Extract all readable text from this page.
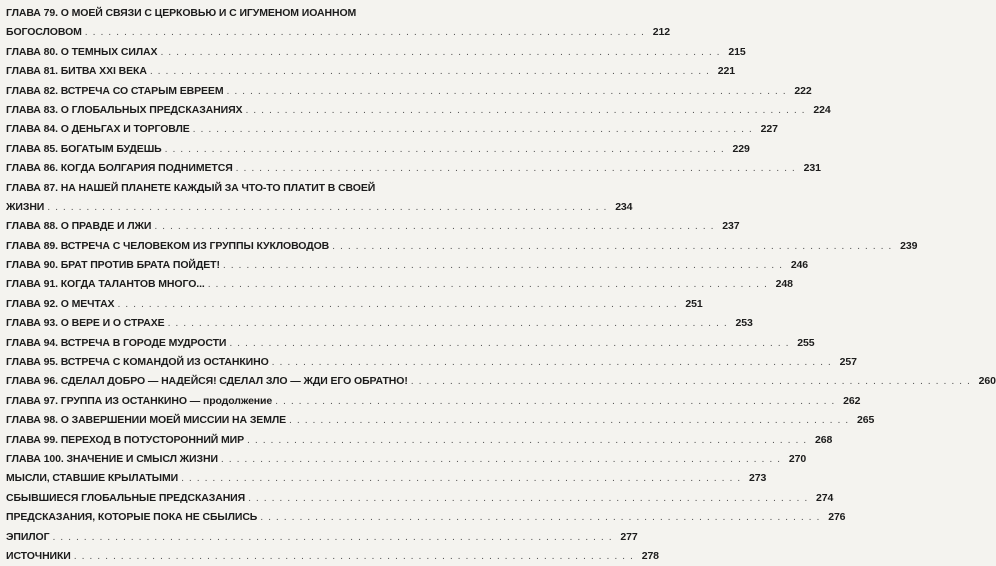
ГЛАВА 79. О МОЕЙ СВЯЗИ С ЦЕРКОВЬЮ И С ИГУМЕНОМ ИОАННОМ
БОГОСЛОВОМ . . .	212
ГЛАВА 80. О ТЕМНЫХ СИЛАХ . . .	215
ГЛАВА 81. БИТВА XXI ВЕКА . . .	221
ГЛАВА 82. ВСТРЕЧА СО СТАРЫМ ЕВРЕЕМ . . .	222
ГЛАВА 83. О ГЛОБАЛЬНЫХ ПРЕДСКАЗАНИЯХ . . .	224
ГЛАВА 84. О ДЕНЬГАХ И ТОРГОВЛЕ . . .	227
ГЛАВА 85. БОГАТЫМ БУДЕШЬ . . .	229
ГЛАВА 86. КОГДА БОЛГАРИЯ ПОДНИМЕТСЯ . . .	231
ГЛАВА 87. НА НАШЕЙ ПЛАНЕТЕ КАЖДЫЙ ЗА ЧТО-ТО ПЛАТИТ В СВОЕЙ
ЖИЗНИ . . .	234
ГЛАВА 88. О ПРАВДЕ И ЛЖИ . . .	237
ГЛАВА 89. ВСТРЕЧА С ЧЕЛОВЕКОМ ИЗ ГРУППЫ КУКЛОВОДОВ . . .	239
ГЛАВА 90. БРАТ ПРОТИВ БРАТА ПОЙДЕТ! . . .	246
ГЛАВА 91. КОГДА ТАЛАНТОВ МНОГО... . . .	248
ГЛАВА 92. О МЕЧТАХ . . .	251
ГЛАВА 93. О ВЕРЕ И О СТРАХЕ . . .	253
ГЛАВА 94. ВСТРЕЧА В ГОРОДЕ МУДРОСТИ . . .	255
ГЛАВА 95. ВСТРЕЧА С КОМАНДОЙ ИЗ ОСТАНКИНО . . .	257
ГЛАВА 96. СДЕЛАЛ ДОБРО — НАДЕЙСЯ! СДЕЛАЛ ЗЛО — ЖДИ ЕГО ОБРАТНО! . . .	260
ГЛАВА 97. ГРУППА ИЗ ОСТАНКИНО — продолжение . . .	262
ГЛАВА 98. О ЗАВЕРШЕНИИ МОЕЙ МИССИИ НА ЗЕМЛЕ . . .	265
ГЛАВА 99. ПЕРЕХОД В ПОТУСТОРОННИЙ МИР . . .	268
ГЛАВА 100. ЗНАЧЕНИЕ И СМЫСЛ ЖИЗНИ . . .	270
МЫСЛИ, СТАВШИЕ КРЫЛАТЫМИ . . .	273
СБЫВШИЕСЯ ГЛОБАЛЬНЫЕ ПРЕДСКАЗАНИЯ . . .	274
ПРЕДСКАЗАНИЯ, КОТОРЫЕ ПОКА НЕ СБЫЛИСЬ . . .	276
ЭПИЛОГ . . .	277
ИСТОЧНИКИ . . .	278
